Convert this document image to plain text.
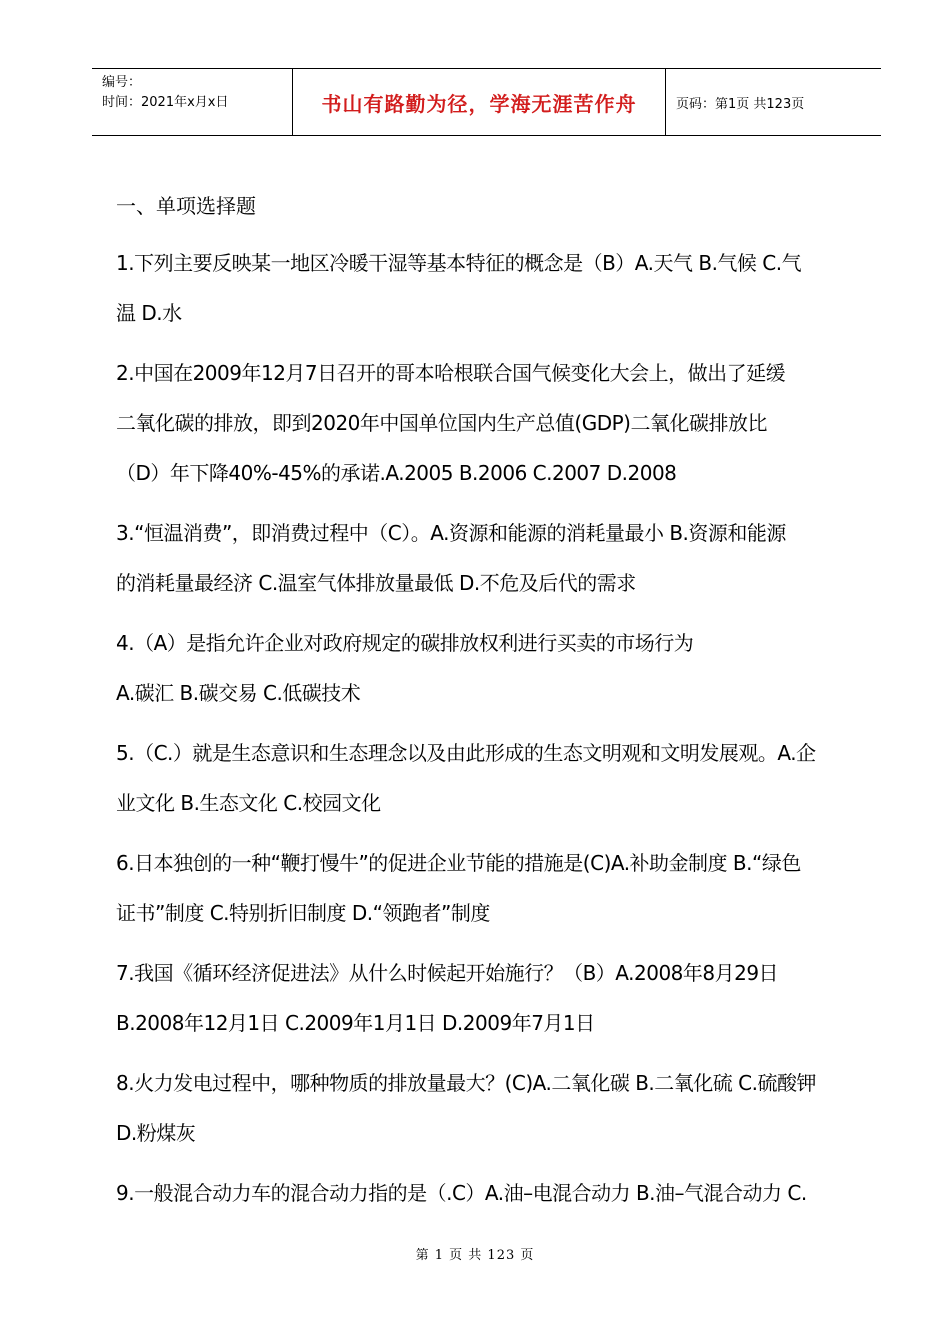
编号：
时间：2021年x月x日	书山有路勤为径，学海无涯苦作舟	页码：第1页 共123页
一、单项选择题
1.下列主要反映某一地区冷暖干湿等基本特征的概念是（B）A.天气 B.气候 C.气
温 D.水
2.中国在2009年12月7日召开的哥本哈根联合国气候变化大会上，做出了延缓
二氧化碳的排放，即到2020年中国单位国内生产总值(GDP)二氧化碳排放比
（D）年下降40%-45%的承诺.A.2005 B.2006 C.2007 D.2008
3.“恒温消费”，即消费过程中（C）。A.资源和能源的消耗量最小 B.资源和能源
的消耗量最经济 C.温室气体排放量最低 D.不危及后代的需求
4.（A）是指允许企业对政府规定的碳排放权利进行买卖的市场行为
A.碳汇 B.碳交易 C.低碳技术
5.（C.）就是生态意识和生态理念以及由此形成的生态文明观和文明发展观。A.企
业文化 B.生态文化 C.校园文化
6.日本独创的一种“鞭打慢牛”的促进企业节能的措施是(C)A.补助金制度 B.“绿色
证书”制度 C.特别折旧制度 D.“领跑者”制度
7.我国《循环经济促进法》从什么时候起开始施行？（B）A.2008年8月29日
B.2008年12月1日 C.2009年1月1日 D.2009年7月1日
8.火力发电过程中，哪种物质的排放量最大？(C)A.二氧化碳 B.二氧化硫 C.硫酸钾
D.粉煤灰
9.一般混合动力车的混合动力指的是（.C）A.油–电混合动力 B.油–气混合动力 C.
第 1 页 共 123 页
